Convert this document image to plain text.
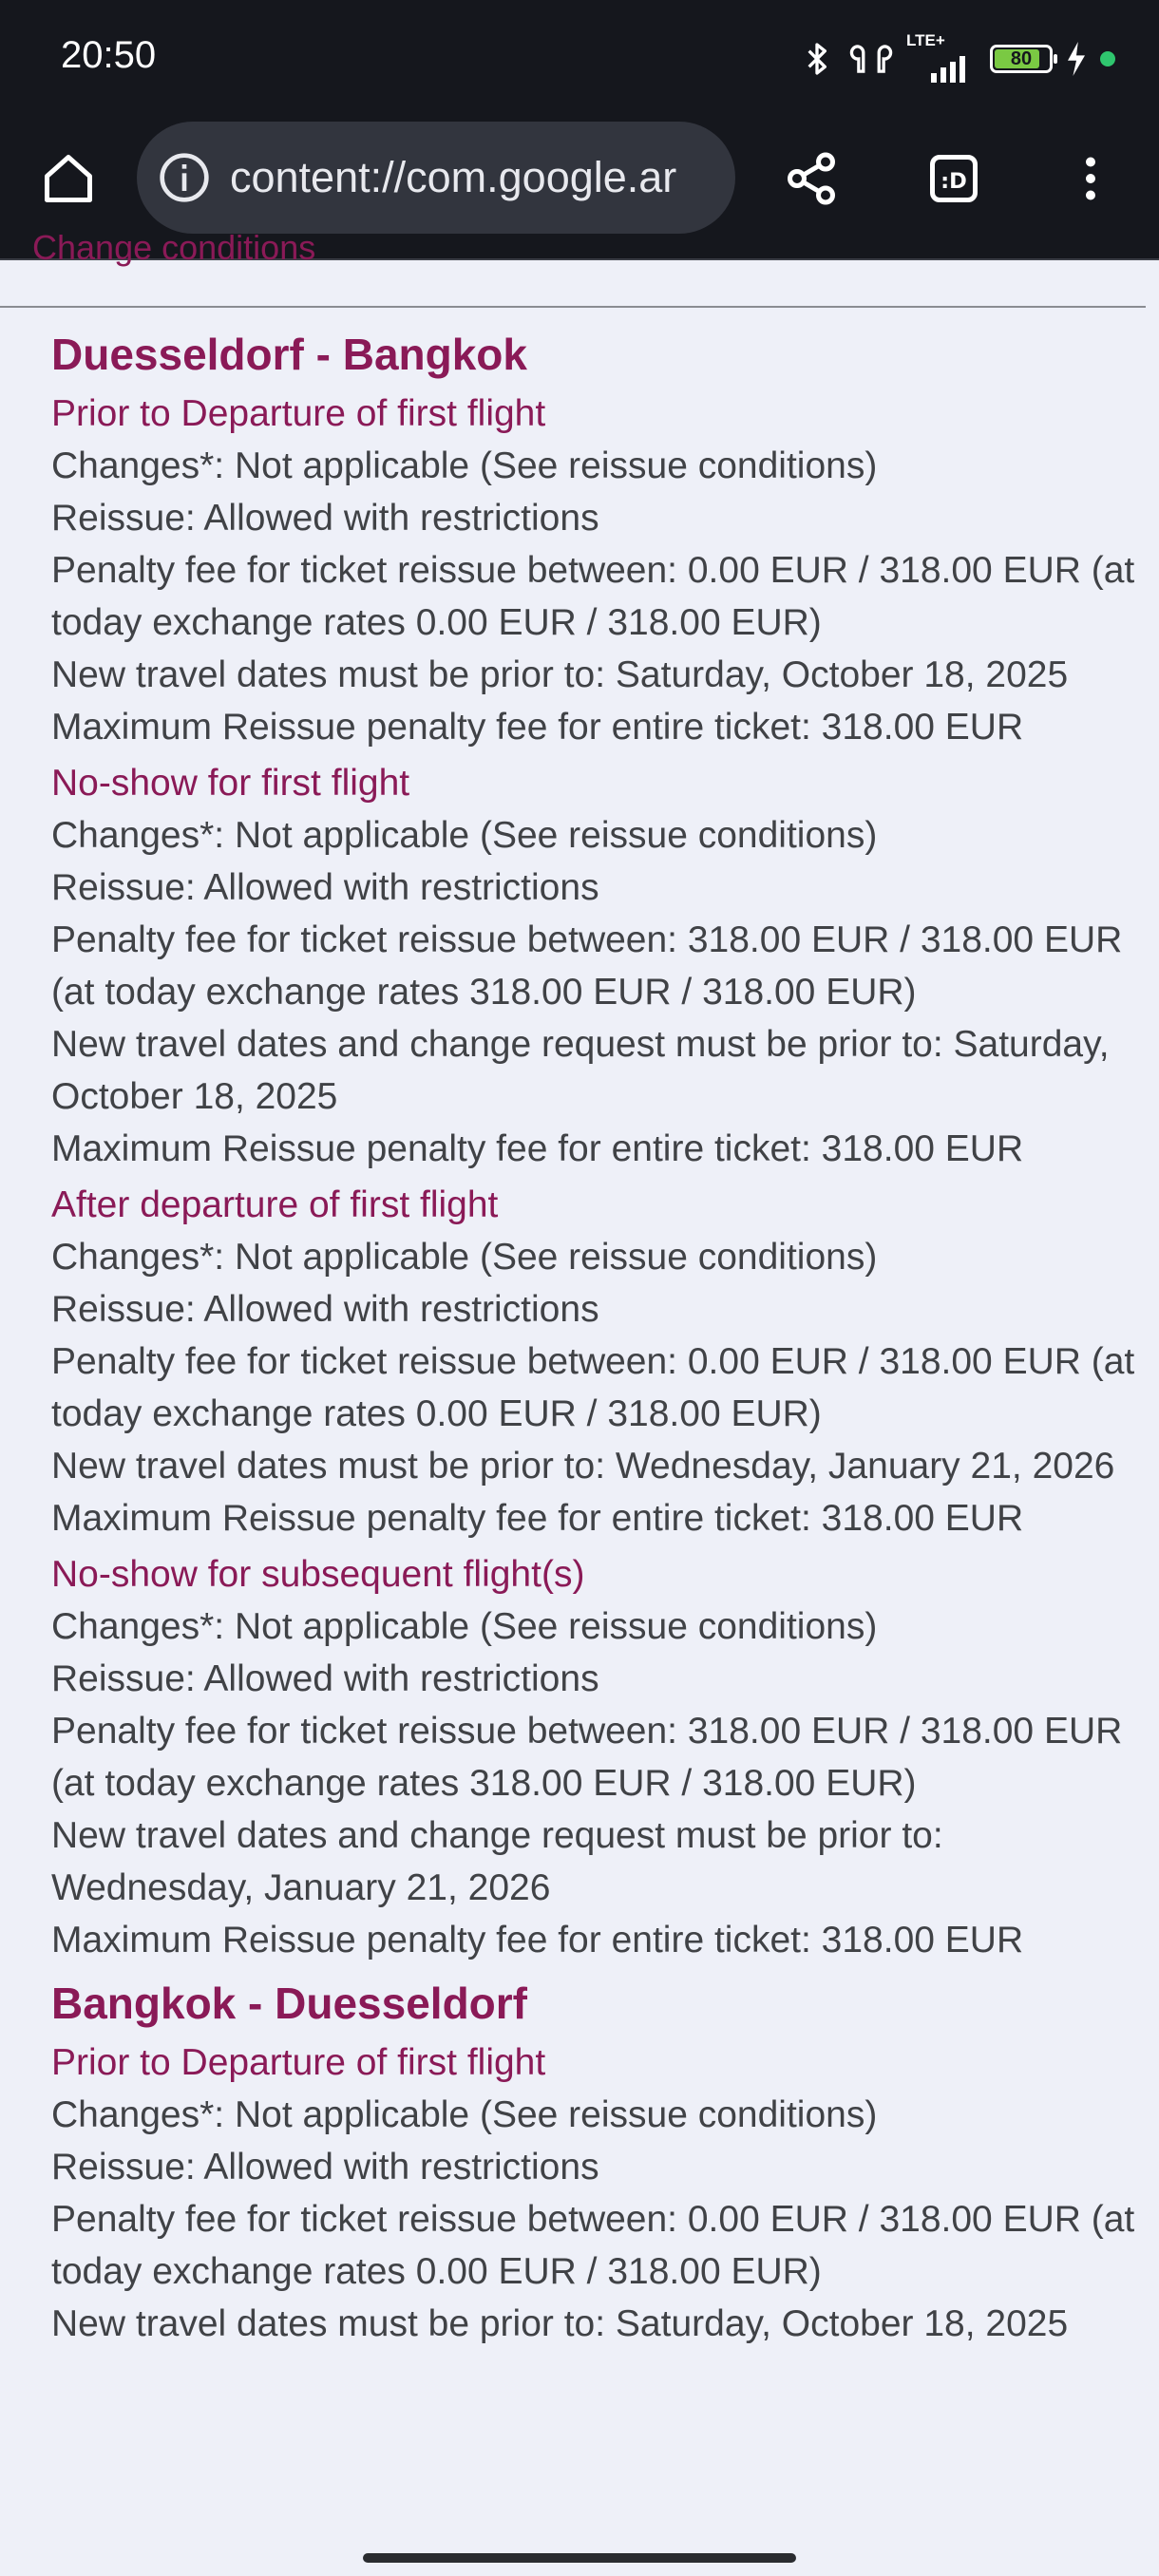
20:50	LTE+
80
content://com.google.ar	:D
Change conditions
Duesseldorf - Bangkok
Prior to Departure of first flight
Changes*: Not applicable (See reissue conditions)
Reissue: Allowed with restrictions
Penalty fee for ticket reissue between: 0.00 EUR / 318.00 EUR (at today exchange rates 0.00 EUR / 318.00 EUR)
New travel dates must be prior to: Saturday, October 18, 2025
Maximum Reissue penalty fee for entire ticket: 318.00 EUR
No-show for first flight
Changes*: Not applicable (See reissue conditions)
Reissue: Allowed with restrictions
Penalty fee for ticket reissue between: 318.00 EUR / 318.00 EUR (at today exchange rates 318.00 EUR / 318.00 EUR)
New travel dates and change request must be prior to: Saturday, October 18, 2025
Maximum Reissue penalty fee for entire ticket: 318.00 EUR
After departure of first flight
Changes*: Not applicable (See reissue conditions)
Reissue: Allowed with restrictions
Penalty fee for ticket reissue between: 0.00 EUR / 318.00 EUR (at today exchange rates 0.00 EUR / 318.00 EUR)
New travel dates must be prior to: Wednesday, January 21, 2026
Maximum Reissue penalty fee for entire ticket: 318.00 EUR
No-show for subsequent flight(s)
Changes*: Not applicable (See reissue conditions)
Reissue: Allowed with restrictions
Penalty fee for ticket reissue between: 318.00 EUR / 318.00 EUR (at today exchange rates 318.00 EUR / 318.00 EUR)
New travel dates and change request must be prior to: Wednesday, January 21, 2026
Maximum Reissue penalty fee for entire ticket: 318.00 EUR
Bangkok - Duesseldorf
Prior to Departure of first flight
Changes*: Not applicable (See reissue conditions)
Reissue: Allowed with restrictions
Penalty fee for ticket reissue between: 0.00 EUR / 318.00 EUR (at today exchange rates 0.00 EUR / 318.00 EUR)
New travel dates must be prior to: Saturday, October 18, 2025
